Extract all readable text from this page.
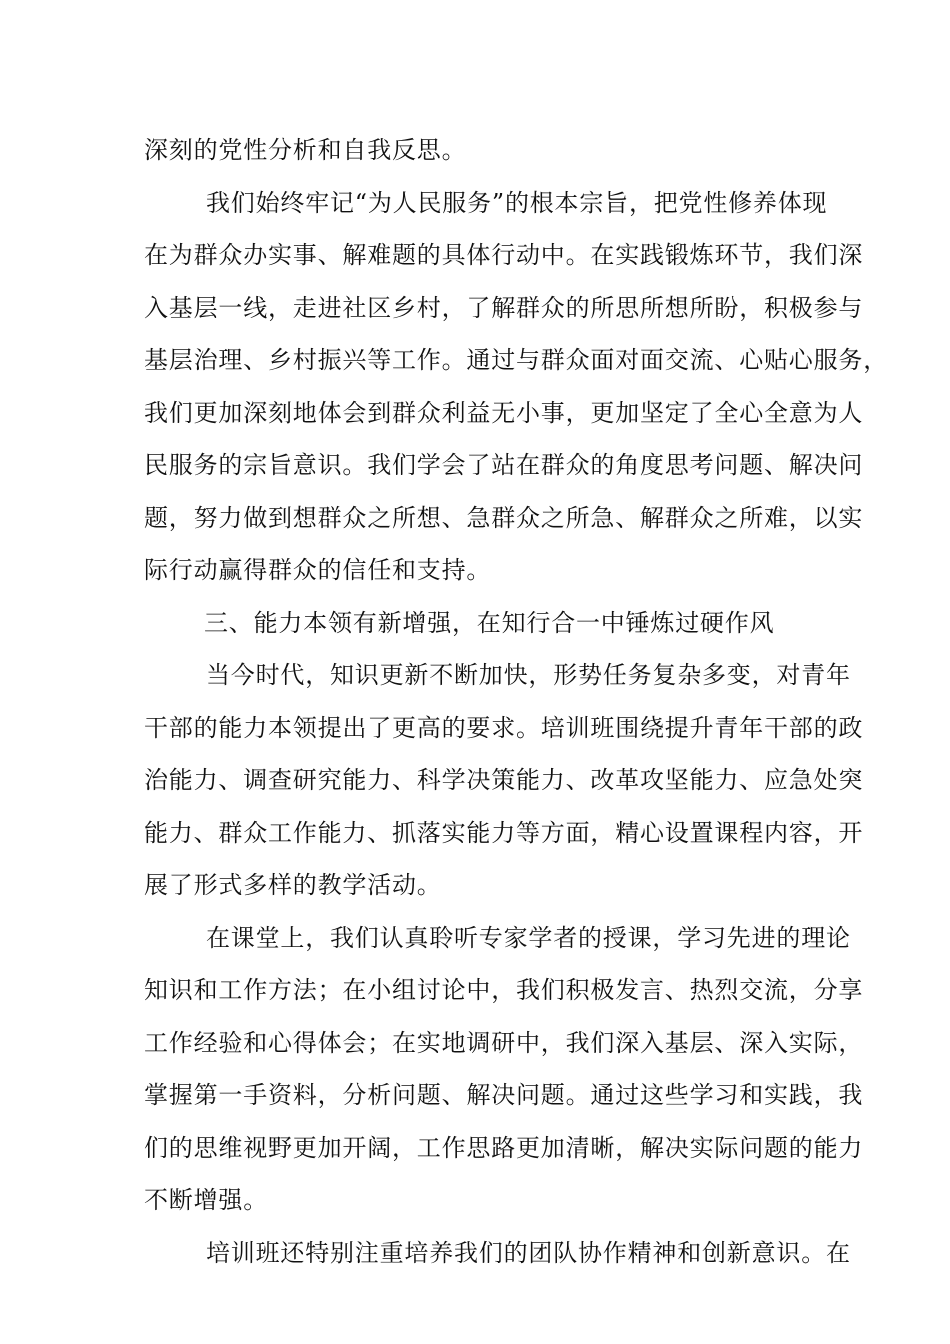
深刻的党性分析和自我反思。
我们始终牢记“为人民服务”的根本宗旨，把党性修养体现
在为群众办实事、解难题的具体行动中。在实践锻炼环节，我们深
入基层一线，走进社区乡村，了解群众的所思所想所盼，积极参与
基层治理、乡村振兴等工作。通过与群众面对面交流、心贴心服务，
我们更加深刻地体会到群众利益无小事，更加坚定了全心全意为人
民服务的宗旨意识。我们学会了站在群众的角度思考问题、解决问
题，努力做到想群众之所想、急群众之所急、解群众之所难，以实
际行动赢得群众的信任和支持。
三、能力本领有新增强，在知行合一中锤炼过硬作风
当今时代，知识更新不断加快，形势任务复杂多变，对青年
干部的能力本领提出了更高的要求。培训班围绕提升青年干部的政
治能力、调查研究能力、科学决策能力、改革攻坚能力、应急处突
能力、群众工作能力、抓落实能力等方面，精心设置课程内容，开
展了形式多样的教学活动。
在课堂上，我们认真聆听专家学者的授课，学习先进的理论
知识和工作方法；在小组讨论中，我们积极发言、热烈交流，分享
工作经验和心得体会；在实地调研中，我们深入基层、深入实际，
掌握第一手资料，分析问题、解决问题。通过这些学习和实践，我
们的思维视野更加开阔，工作思路更加清晰，解决实际问题的能力
不断增强。
培训班还特别注重培养我们的团队协作精神和创新意识。在
